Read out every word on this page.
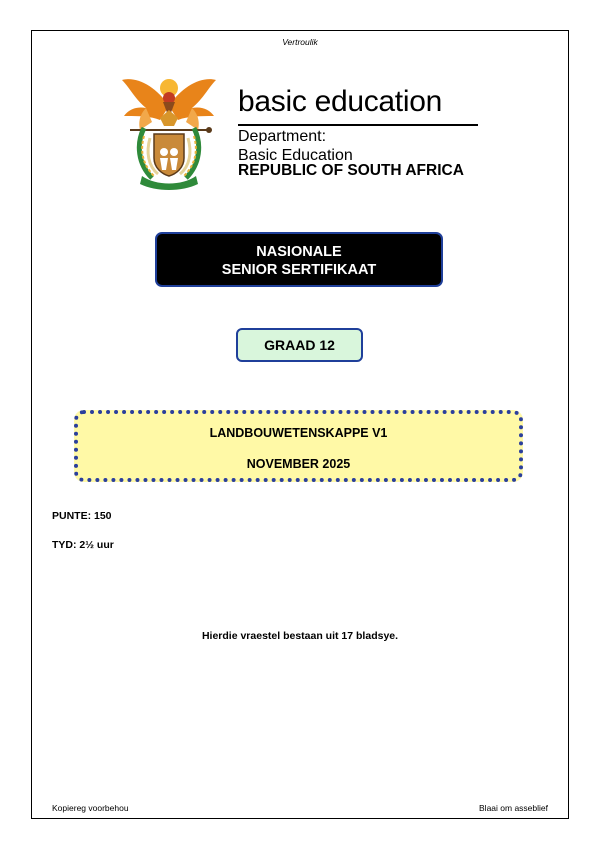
Vertroulik
basic education
Department:
Basic Education
REPUBLIC OF SOUTH AFRICA
NASIONALE
SENIOR SERTIFIKAAT
GRAAD 12
LANDBOUWETENSKAPPE V1
NOVEMBER 2025
PUNTE: 150
TYD: 2½ uur
Hierdie vraestel bestaan uit 17 bladsye.
Kopiereg voorbehou	Blaai om asseblief
